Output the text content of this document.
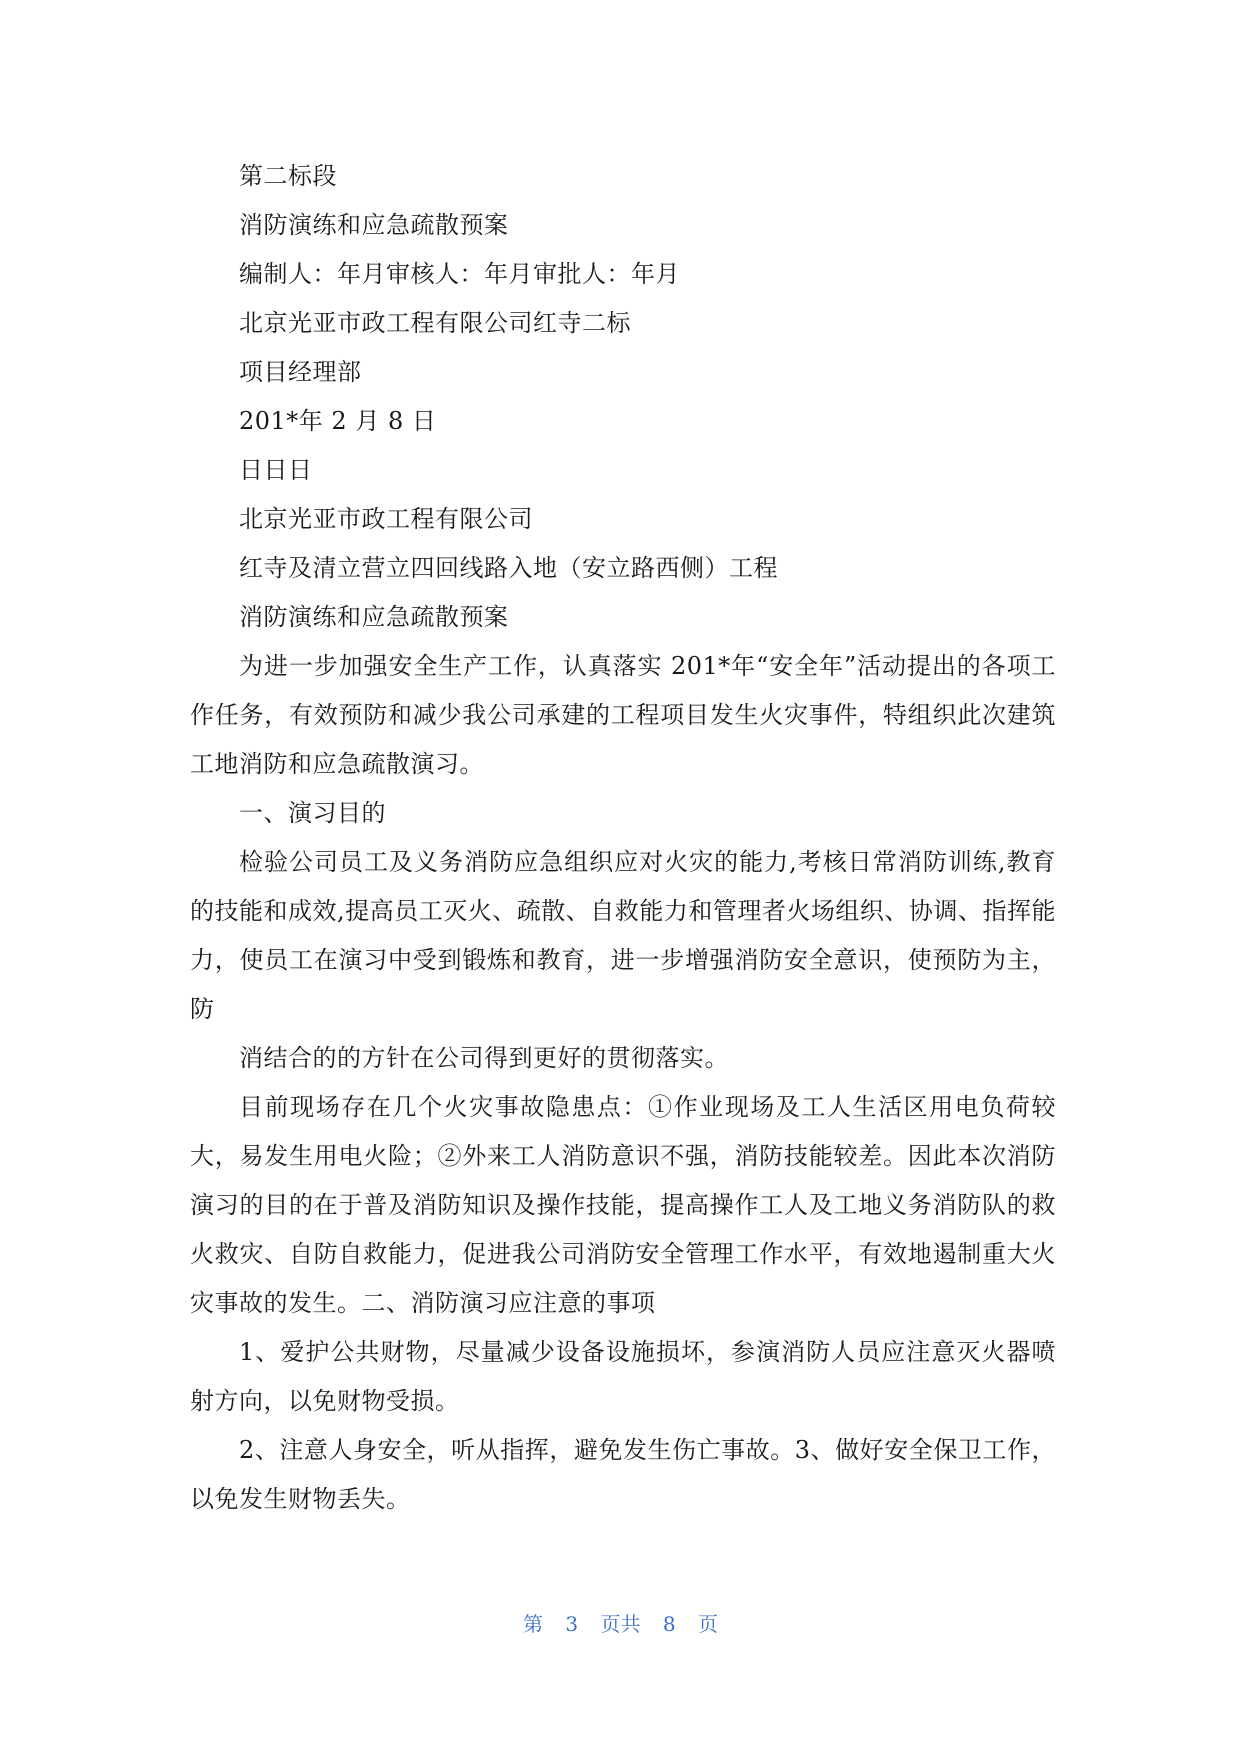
第二标段

消防演练和应急疏散预案

编制人：年月审核人：年月审批人：年月

北京光亚市政工程有限公司红寺二标

项目经理部

201*年 2 月 8 日

日日日

北京光亚市政工程有限公司

红寺及清立营立四回线路入地（安立路西侧）工程

消防演练和应急疏散预案

为进一步加强安全生产工作，认真落实 201*年“安全年”活动提出的各项工作任务，有效预防和减少我公司承建的工程项目发生火灾事件，特组织此次建筑工地消防和应急疏散演习。

一、演习目的

检验公司员工及义务消防应急组织应对火灾的能力,考核日常消防训练,教育的技能和成效,提高员工灭火、疏散、自救能力和管理者火场组织、协调、指挥能力，使员工在演习中受到锻炼和教育，进一步增强消防安全意识，使预防为主，防

消结合的的方针在公司得到更好的贯彻落实。

目前现场存在几个火灾事故隐患点：①作业现场及工人生活区用电负荷较大，易发生用电火险；②外来工人消防意识不强，消防技能较差。因此本次消防演习的目的在于普及消防知识及操作技能，提高操作工人及工地义务消防队的救火救灾、自防自救能力，促进我公司消防安全管理工作水平，有效地遏制重大火灾事故的发生。二、消防演习应注意的事项

1、爱护公共财物，尽量减少设备设施损坏，参演消防人员应注意灭火器喷射方向，以免财物受损。

2、注意人身安全，听从指挥，避免发生伤亡事故。3、做好安全保卫工作，以免发生财物丢失。

第 3 页共 8 页
